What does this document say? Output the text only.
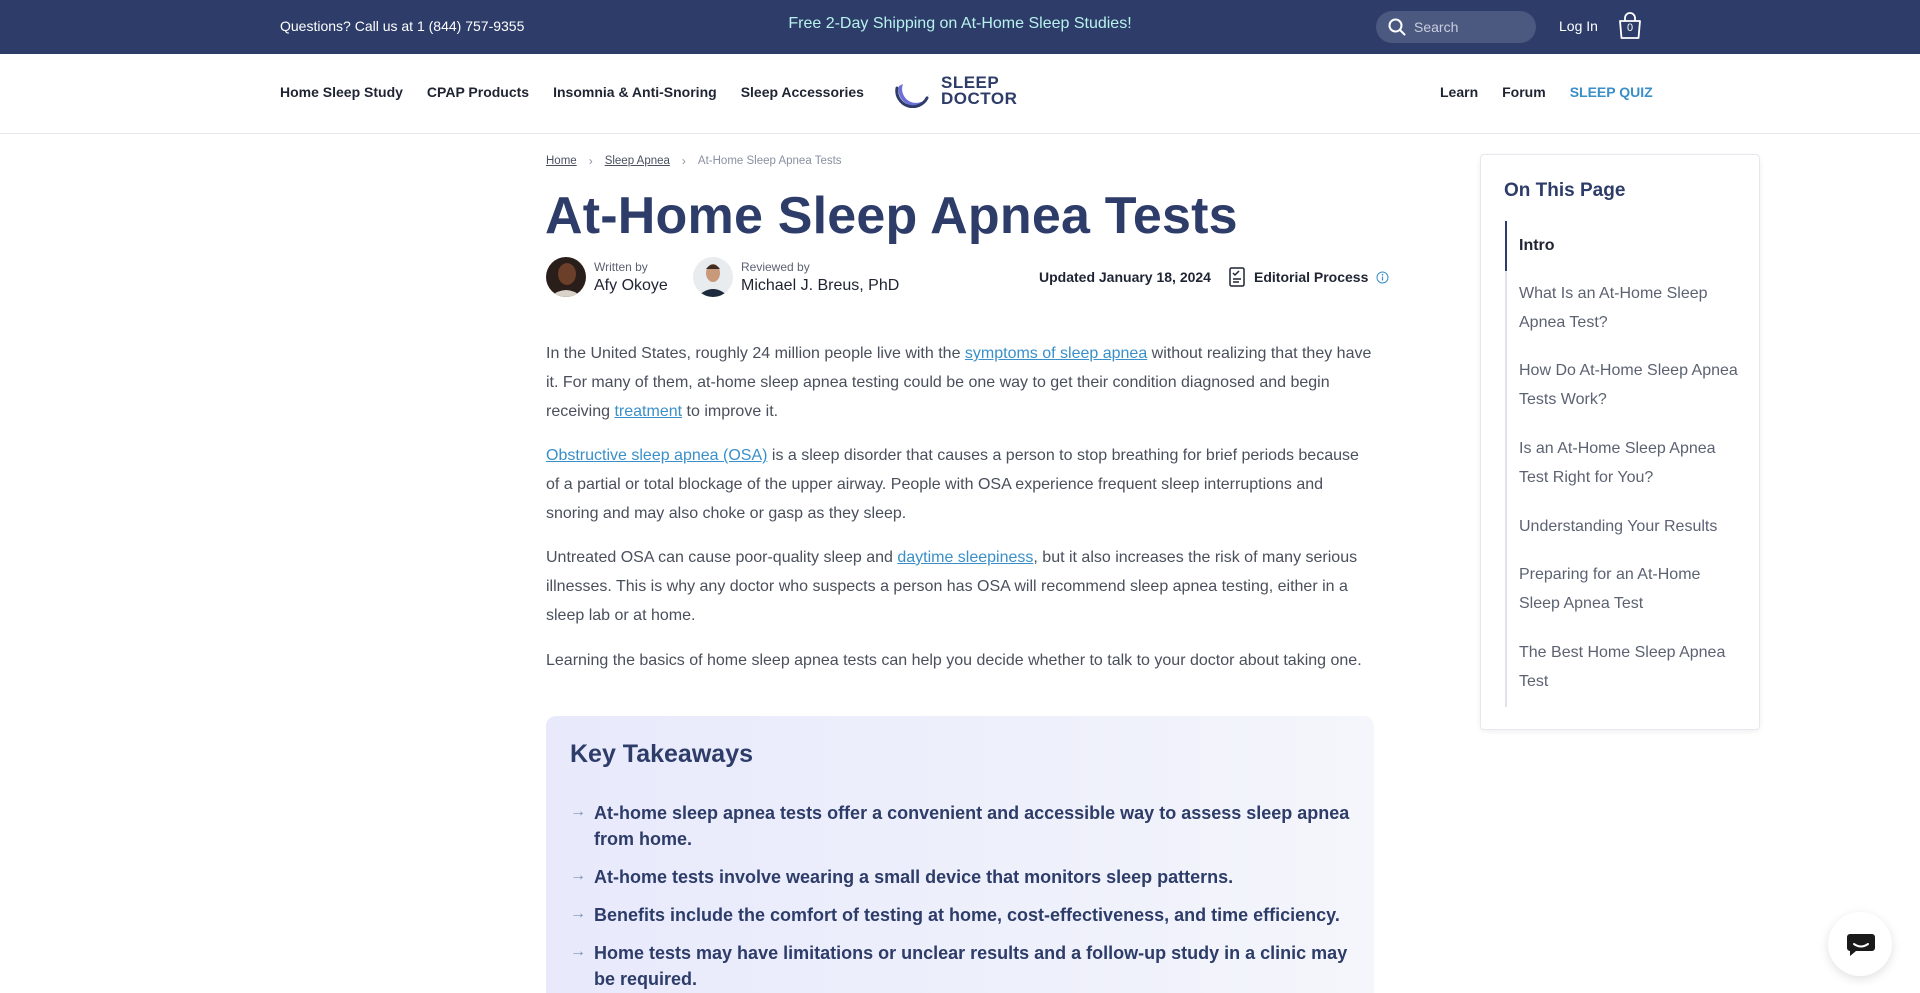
Questions? Call us at 1 (844) 757-9355	Free 2-Day Shipping on At-Home Sleep Studies!
Search	Log In	0
Home Sleep Study CPAP Products Insomnia & Anti-Snoring Sleep Accessories	SLEEP
DOCTOR	Learn Forum SLEEP QUIZ
Home › Sleep Apnea › At-Home Sleep Apnea Tests
At-Home Sleep Apnea Tests
Written by
Afy Okoye
Reviewed by
Michael J. Breus, PhD	Updated January 18, 2024	Editorial Process

In the United States, roughly 24 million people live with the symptoms of sleep apnea without realizing that they have it. For many of them, at-home sleep apnea testing could be one way to get their condition diagnosed and begin receiving treatment to improve it.

Obstructive sleep apnea (OSA) is a sleep disorder that causes a person to stop breathing for brief periods because of a partial or total blockage of the upper airway. People with OSA experience frequent sleep interruptions and snoring and may also choke or gasp as they sleep.

Untreated OSA can cause poor-quality sleep and daytime sleepiness, but it also increases the risk of many serious illnesses. This is why any doctor who suspects a person has OSA will recommend sleep apnea testing, either in a sleep lab or at home.

Learning the basics of home sleep apnea tests can help you decide whether to talk to your doctor about taking one.

Key Takeaways
→ At-home sleep apnea tests offer a convenient and accessible way to assess sleep apnea from home.
→ At-home tests involve wearing a small device that monitors sleep patterns.
→ Benefits include the comfort of testing at home, cost-effectiveness, and time efficiency.
→ Home tests may have limitations or unclear results and a follow-up study in a clinic may be required.
On This Page
Intro
What Is an At-Home Sleep Apnea Test?
How Do At-Home Sleep Apnea Tests Work?
Is an At-Home Sleep Apnea Test Right for You?
Understanding Your Results
Preparing for an At-Home Sleep Apnea Test
The Best Home Sleep Apnea Test
